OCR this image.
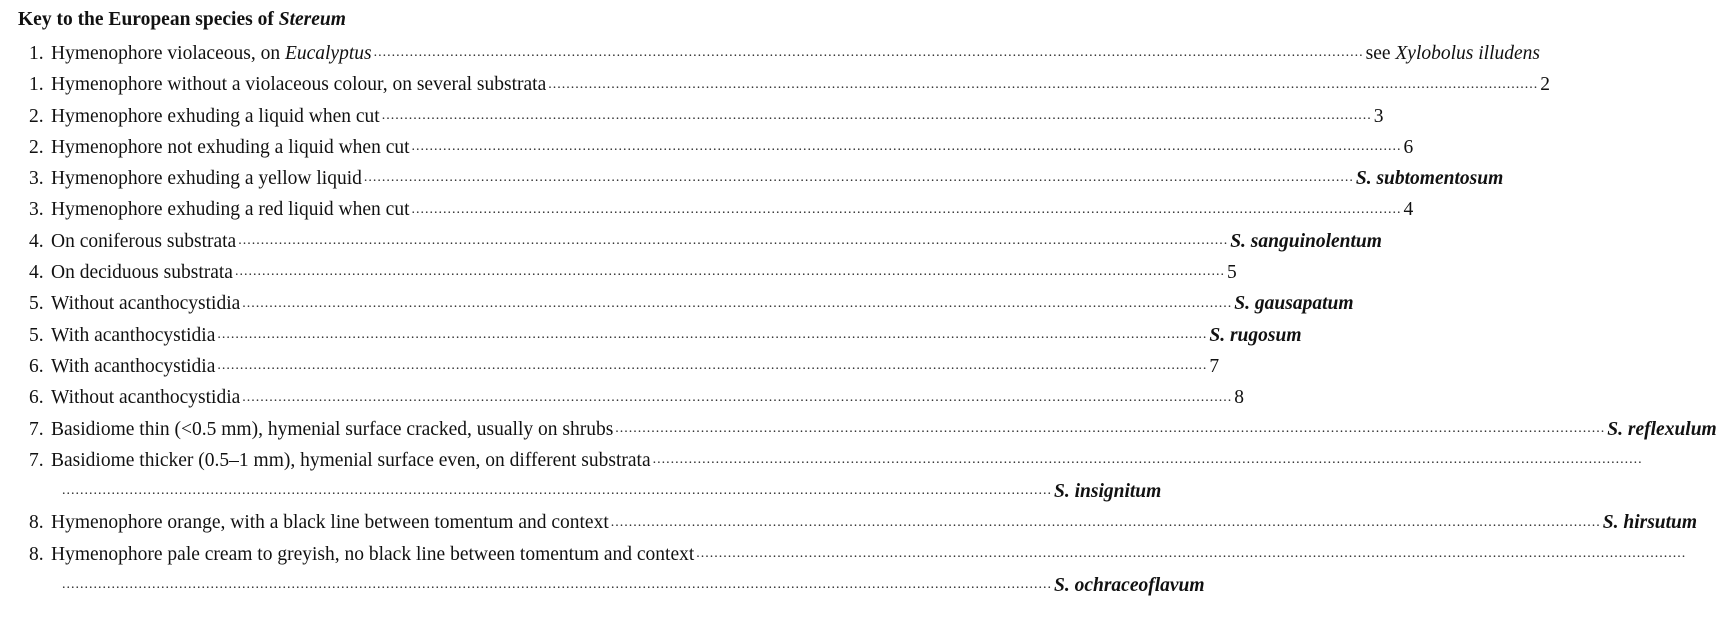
Key to the European species of Stereum
1. Hymenophore violaceous, on Eucalyptus ............................................................................................................................................................................................................................ see Xylobolus illudens
1. Hymenophore without a violaceous colour, on several substrata ............................................................................................................................................................................................................................ 2
2. Hymenophore exhuding a liquid when cut ............................................................................................................................................................................................................................ 3
2. Hymenophore not exhuding a liquid when cut ............................................................................................................................................................................................................................ 6
3. Hymenophore exhuding a yellow liquid ............................................................................................................................................................................................................................ S. subtomentosum
3. Hymenophore exhuding a red liquid when cut ............................................................................................................................................................................................................................ 4
4. On coniferous substrata ............................................................................................................................................................................................................................ S. sanguinolentum
4. On deciduous substrata ............................................................................................................................................................................................................................ 5
5. Without acanthocystidia ............................................................................................................................................................................................................................ S. gausapatum
5. With acanthocystidia ............................................................................................................................................................................................................................ S. rugosum
6. With acanthocystidia ............................................................................................................................................................................................................................ 7
6. Without acanthocystidia ............................................................................................................................................................................................................................ 8
7. Basidiome thin (<0.5 mm), hymenial surface cracked, usually on shrubs ............................................................................................................................................................................................................................ S. reflexulum
7. Basidiome thicker (0.5–1 mm), hymenial surface even, on different substrata ............................................................................................................................................................................................................................
............................................................................................................................................................................................................................ S. insignitum
8. Hymenophore orange, with a black line between tomentum and context ............................................................................................................................................................................................................................ S. hirsutum
8. Hymenophore pale cream to greyish, no black line between tomentum and context ............................................................................................................................................................................................................................
............................................................................................................................................................................................................................ S. ochraceoflavum
